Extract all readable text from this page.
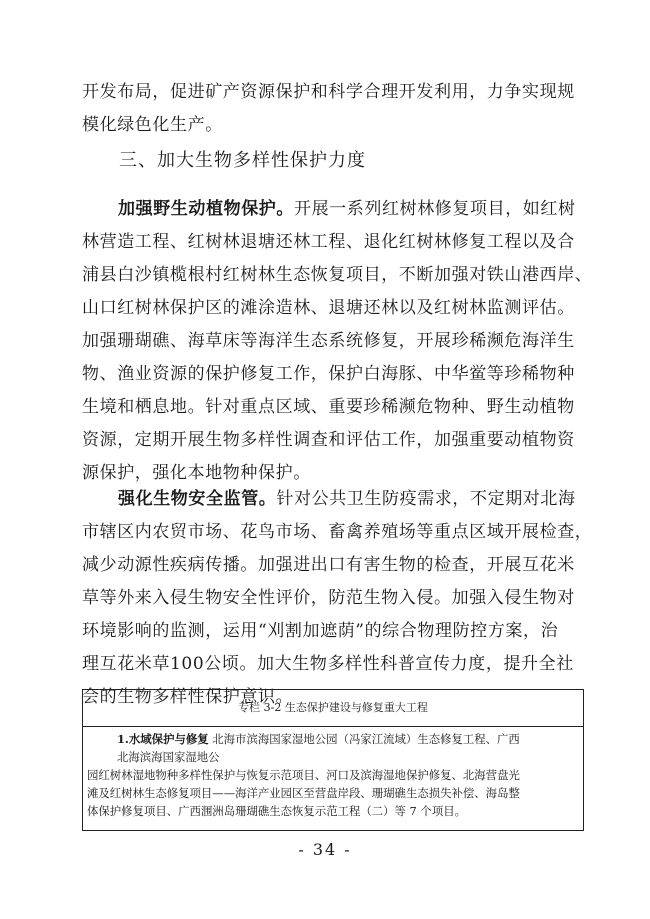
开发布局，促进矿产资源保护和科学合理开发利用，力争实现规
模化绿色化生产。
三、加大生物多样性保护力度
加强野生动植物保护。开展一系列红树林修复项目，如红树
林营造工程、红树林退塘还林工程、退化红树林修复工程以及合
浦县白沙镇榄根村红树林生态恢复项目，不断加强对铁山港西岸、
山口红树林保护区的滩涂造林、退塘还林以及红树林监测评估。
加强珊瑚礁、海草床等海洋生态系统修复，开展珍稀濒危海洋生
物、渔业资源的保护修复工作，保护白海豚、中华鲎等珍稀物种
生境和栖息地。针对重点区域、重要珍稀濒危物种、野生动植物
资源，定期开展生物多样性调查和评估工作，加强重要动植物资
源保护，强化本地物种保护。
强化生物安全监管。针对公共卫生防疫需求，不定期对北海
市辖区内农贸市场、花鸟市场、畜禽养殖场等重点区域开展检查，
减少动源性疾病传播。加强进出口有害生物的检查，开展互花米
草等外来入侵生物安全性评价，防范生物入侵。加强入侵生物对
环境影响的监测，运用“刈割加遮荫”的综合物理防控方案，治
理互花米草100公顷。加大生物多样性科普宣传力度，提升全社
会的生物多样性保护意识。
专栏 3-2 生态保护建设与修复重大工程
1.水域保护与修复 北海市滨海国家湿地公园（冯家江流域）生态修复工程、广西
北海滨海国家湿地公
园红树林湿地物种多样性保护与恢复示范项目、河口及滨海湿地保护修复、北海营盘光
滩及红树林生态修复项目——海洋产业园区至营盘岸段、珊瑚礁生态损失补偿、海岛整
体保护修复项目、广西涠洲岛珊瑚礁生态恢复示范工程（二）等 7 个项目。
- 34 -
